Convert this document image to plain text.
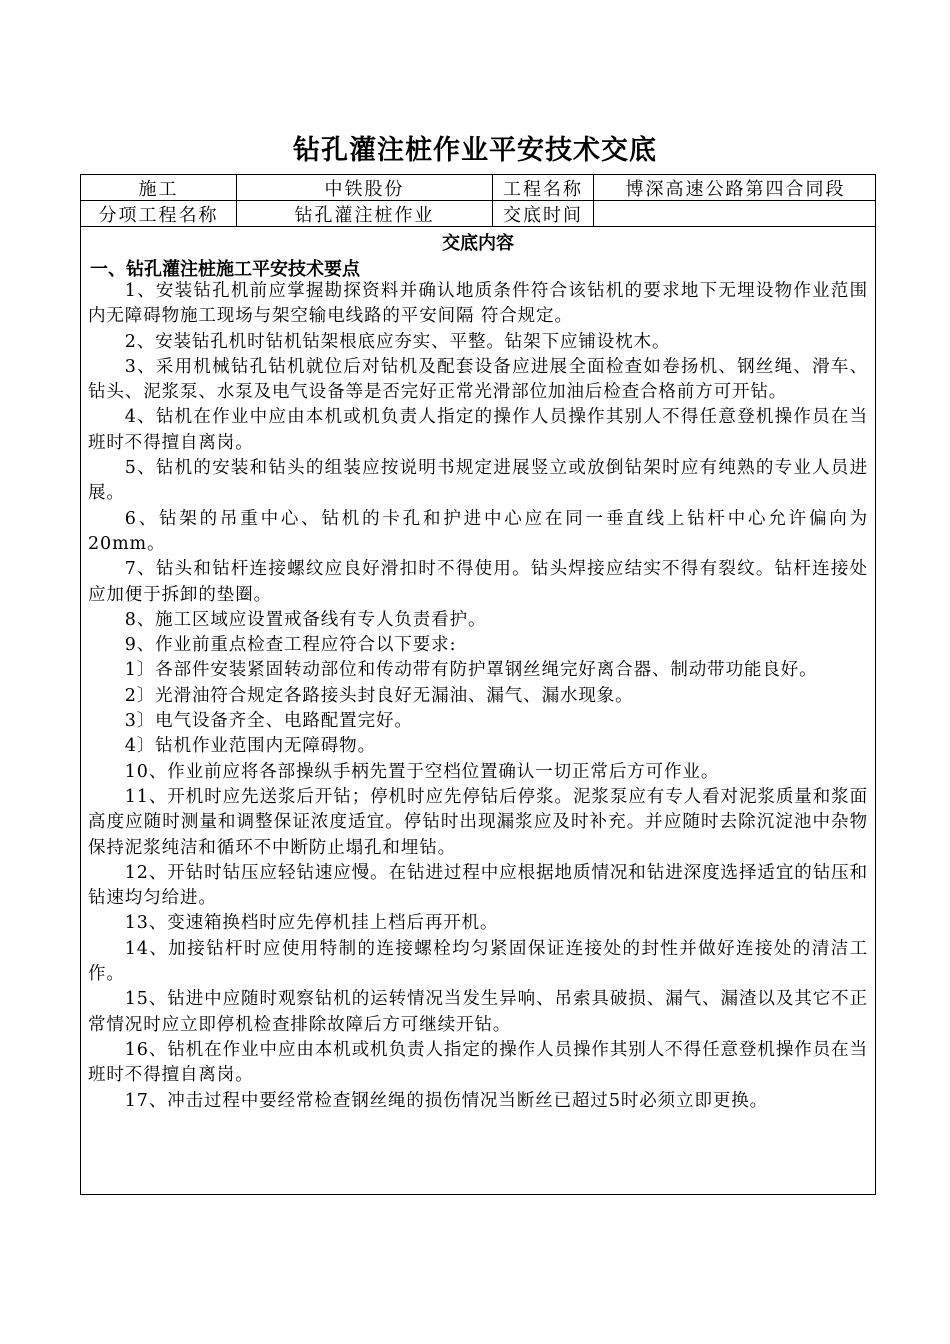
钻孔灌注桩作业平安技术交底
施工	中铁股份	工程名称	博深高速公路第四合同段
分项工程名称	钻孔灌注桩作业	交底时间
交底内容
一、钻孔灌注桩施工平安技术要点

1、安装钻孔机前应掌握勘探资料并确认地质条件符合该钻机的要求地下无埋设物作业范围内无障碍物施工现场与架空输电线路的平安间隔 符合规定。

2、安装钻孔机时钻机钻架根底应夯实、平整。钻架下应铺设枕木。

3、采用机械钻孔钻机就位后对钻机及配套设备应进展全面检查如卷扬机、钢丝绳、滑车、钻头、泥浆泵、水泵及电气设备等是否完好正常光滑部位加油后检查合格前方可开钻。

4、钻机在作业中应由本机或机负责人指定的操作人员操作其别人不得任意登机操作员在当班时不得擅自离岗。

5、钻机的安装和钻头的组装应按说明书规定进展竖立或放倒钻架时应有纯熟的专业人员进展。

6、钻架的吊重中心、钻机的卡孔和护进中心应在同一垂直线上钻杆中心允许偏向为20mm。

7、钻头和钻杆连接螺纹应良好滑扣时不得使用。钻头焊接应结实不得有裂纹。钻杆连接处应加便于拆卸的垫圈。

8、施工区域应设置戒备线有专人负责看护。

9、作业前重点检查工程应符合以下要求:

1〕各部件安装紧固转动部位和传动带有防护罩钢丝绳完好离合器、制动带功能良好。

2〕光滑油符合规定各路接头封良好无漏油、漏气、漏水现象。

3〕电气设备齐全、电路配置完好。

4〕钻机作业范围内无障碍物。

10、作业前应将各部操纵手柄先置于空档位置确认一切正常后方可作业。

11、开机时应先送浆后开钻；停机时应先停钻后停浆。泥浆泵应有专人看对泥浆质量和浆面高度应随时测量和调整保证浓度适宜。停钻时出现漏浆应及时补充。并应随时去除沉淀池中杂物保持泥浆纯洁和循环不中断防止塌孔和埋钻。

12、开钻时钻压应轻钻速应慢。在钻进过程中应根据地质情况和钻进深度选择适宜的钻压和钻速均匀给进。

13、变速箱换档时应先停机挂上档后再开机。

14、加接钻杆时应使用特制的连接螺栓均匀紧固保证连接处的封性并做好连接处的清洁工作。

15、钻进中应随时观察钻机的运转情况当发生异响、吊索具破损、漏气、漏渣以及其它不正常情况时应立即停机检查排除故障后方可继续开钻。

16、钻机在作业中应由本机或机负责人指定的操作人员操作其别人不得任意登机操作员在当班时不得擅自离岗。

17、冲击过程中要经常检查钢丝绳的损伤情况当断丝已超过5时必须立即更换。
